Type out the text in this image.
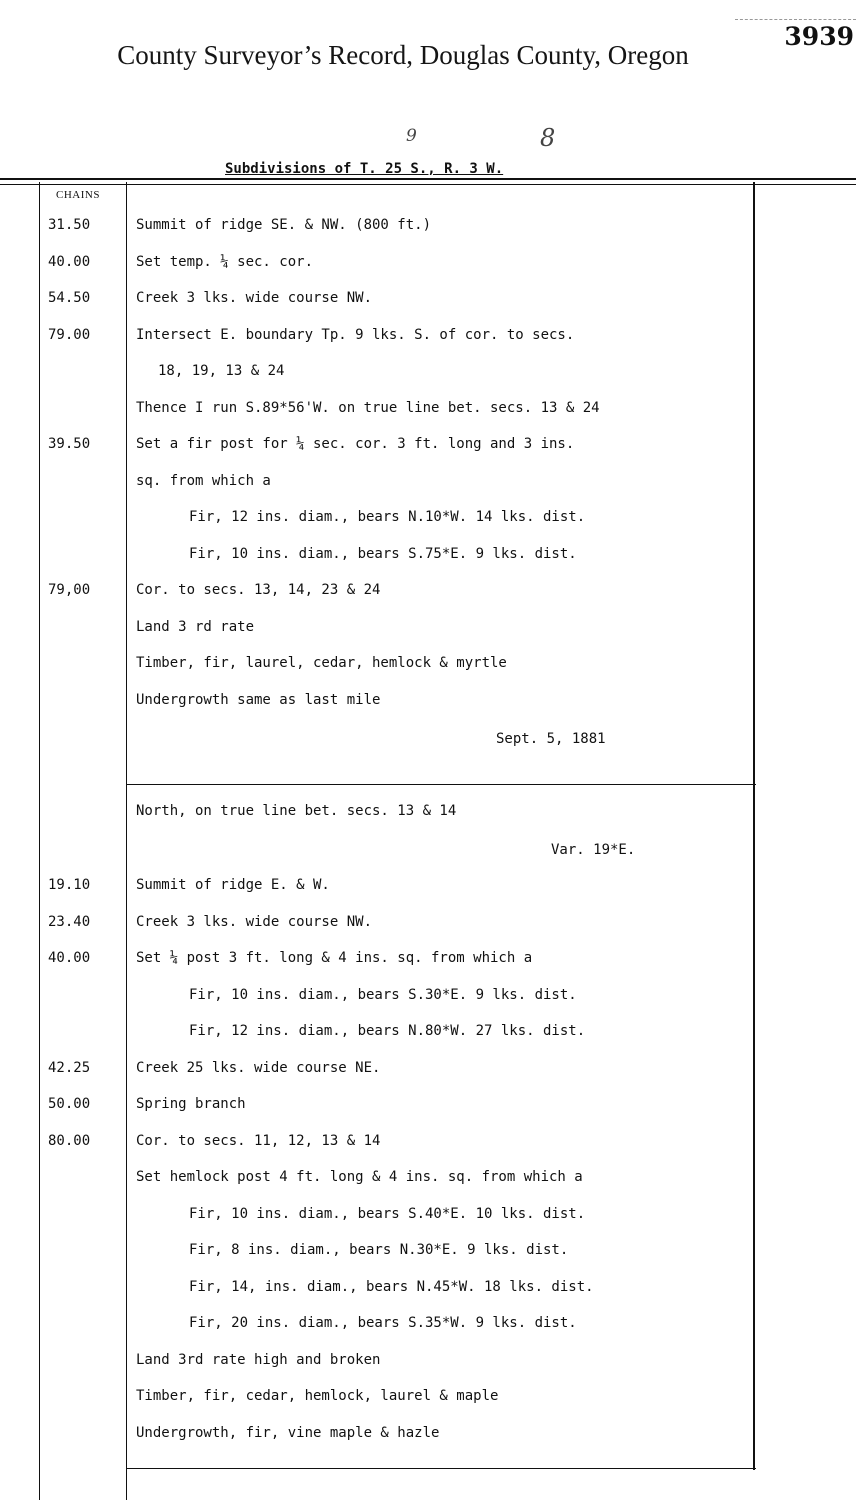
3939
County Surveyor’s Record, Douglas County, Oregon
9	8
Subdivisions of T. 25 S., R. 3 W.
CHAINS
31.50	Summit of ridge SE. & NW. (800 ft.)
40.00	Set temp. ¼ sec. cor.
54.50	Creek 3 lks. wide course NW.
79.00	Intersect E. boundary Tp. 9 lks. S. of cor. to secs.
18, 19, 13 & 24
Thence I run S.89*56'W. on true line bet. secs. 13 & 24
39.50	Set a fir post for ¼ sec. cor. 3 ft. long and 3 ins.
sq. from which a
Fir, 12 ins. diam., bears N.10*W. 14 lks. dist.
Fir, 10 ins. diam., bears S.75*E. 9 lks. dist.
79,00	Cor. to secs. 13, 14, 23 & 24
Land 3 rd rate
Timber, fir, laurel, cedar, hemlock & myrtle
Undergrowth same as last mile
Sept. 5, 1881
North, on true line bet. secs. 13 & 14
Var. 19*E.
19.10	Summit of ridge E. & W.
23.40	Creek 3 lks. wide course NW.
40.00	Set ¼ post 3 ft. long & 4 ins. sq. from which a
Fir, 10 ins. diam., bears S.30*E. 9 lks. dist.
Fir, 12 ins. diam., bears N.80*W. 27 lks. dist.
42.25	Creek 25 lks. wide course NE.
50.00	Spring branch
80.00	Cor. to secs. 11, 12, 13 & 14
Set hemlock post 4 ft. long & 4 ins. sq. from which a
Fir, 10 ins. diam., bears S.40*E. 10 lks. dist.
Fir, 8 ins. diam., bears N.30*E. 9 lks. dist.
Fir, 14, ins. diam., bears N.45*W. 18 lks. dist.
Fir, 20 ins. diam., bears S.35*W. 9 lks. dist.
Land 3rd rate high and broken
Timber, fir, cedar, hemlock, laurel & maple
Undergrowth, fir, vine maple & hazle
